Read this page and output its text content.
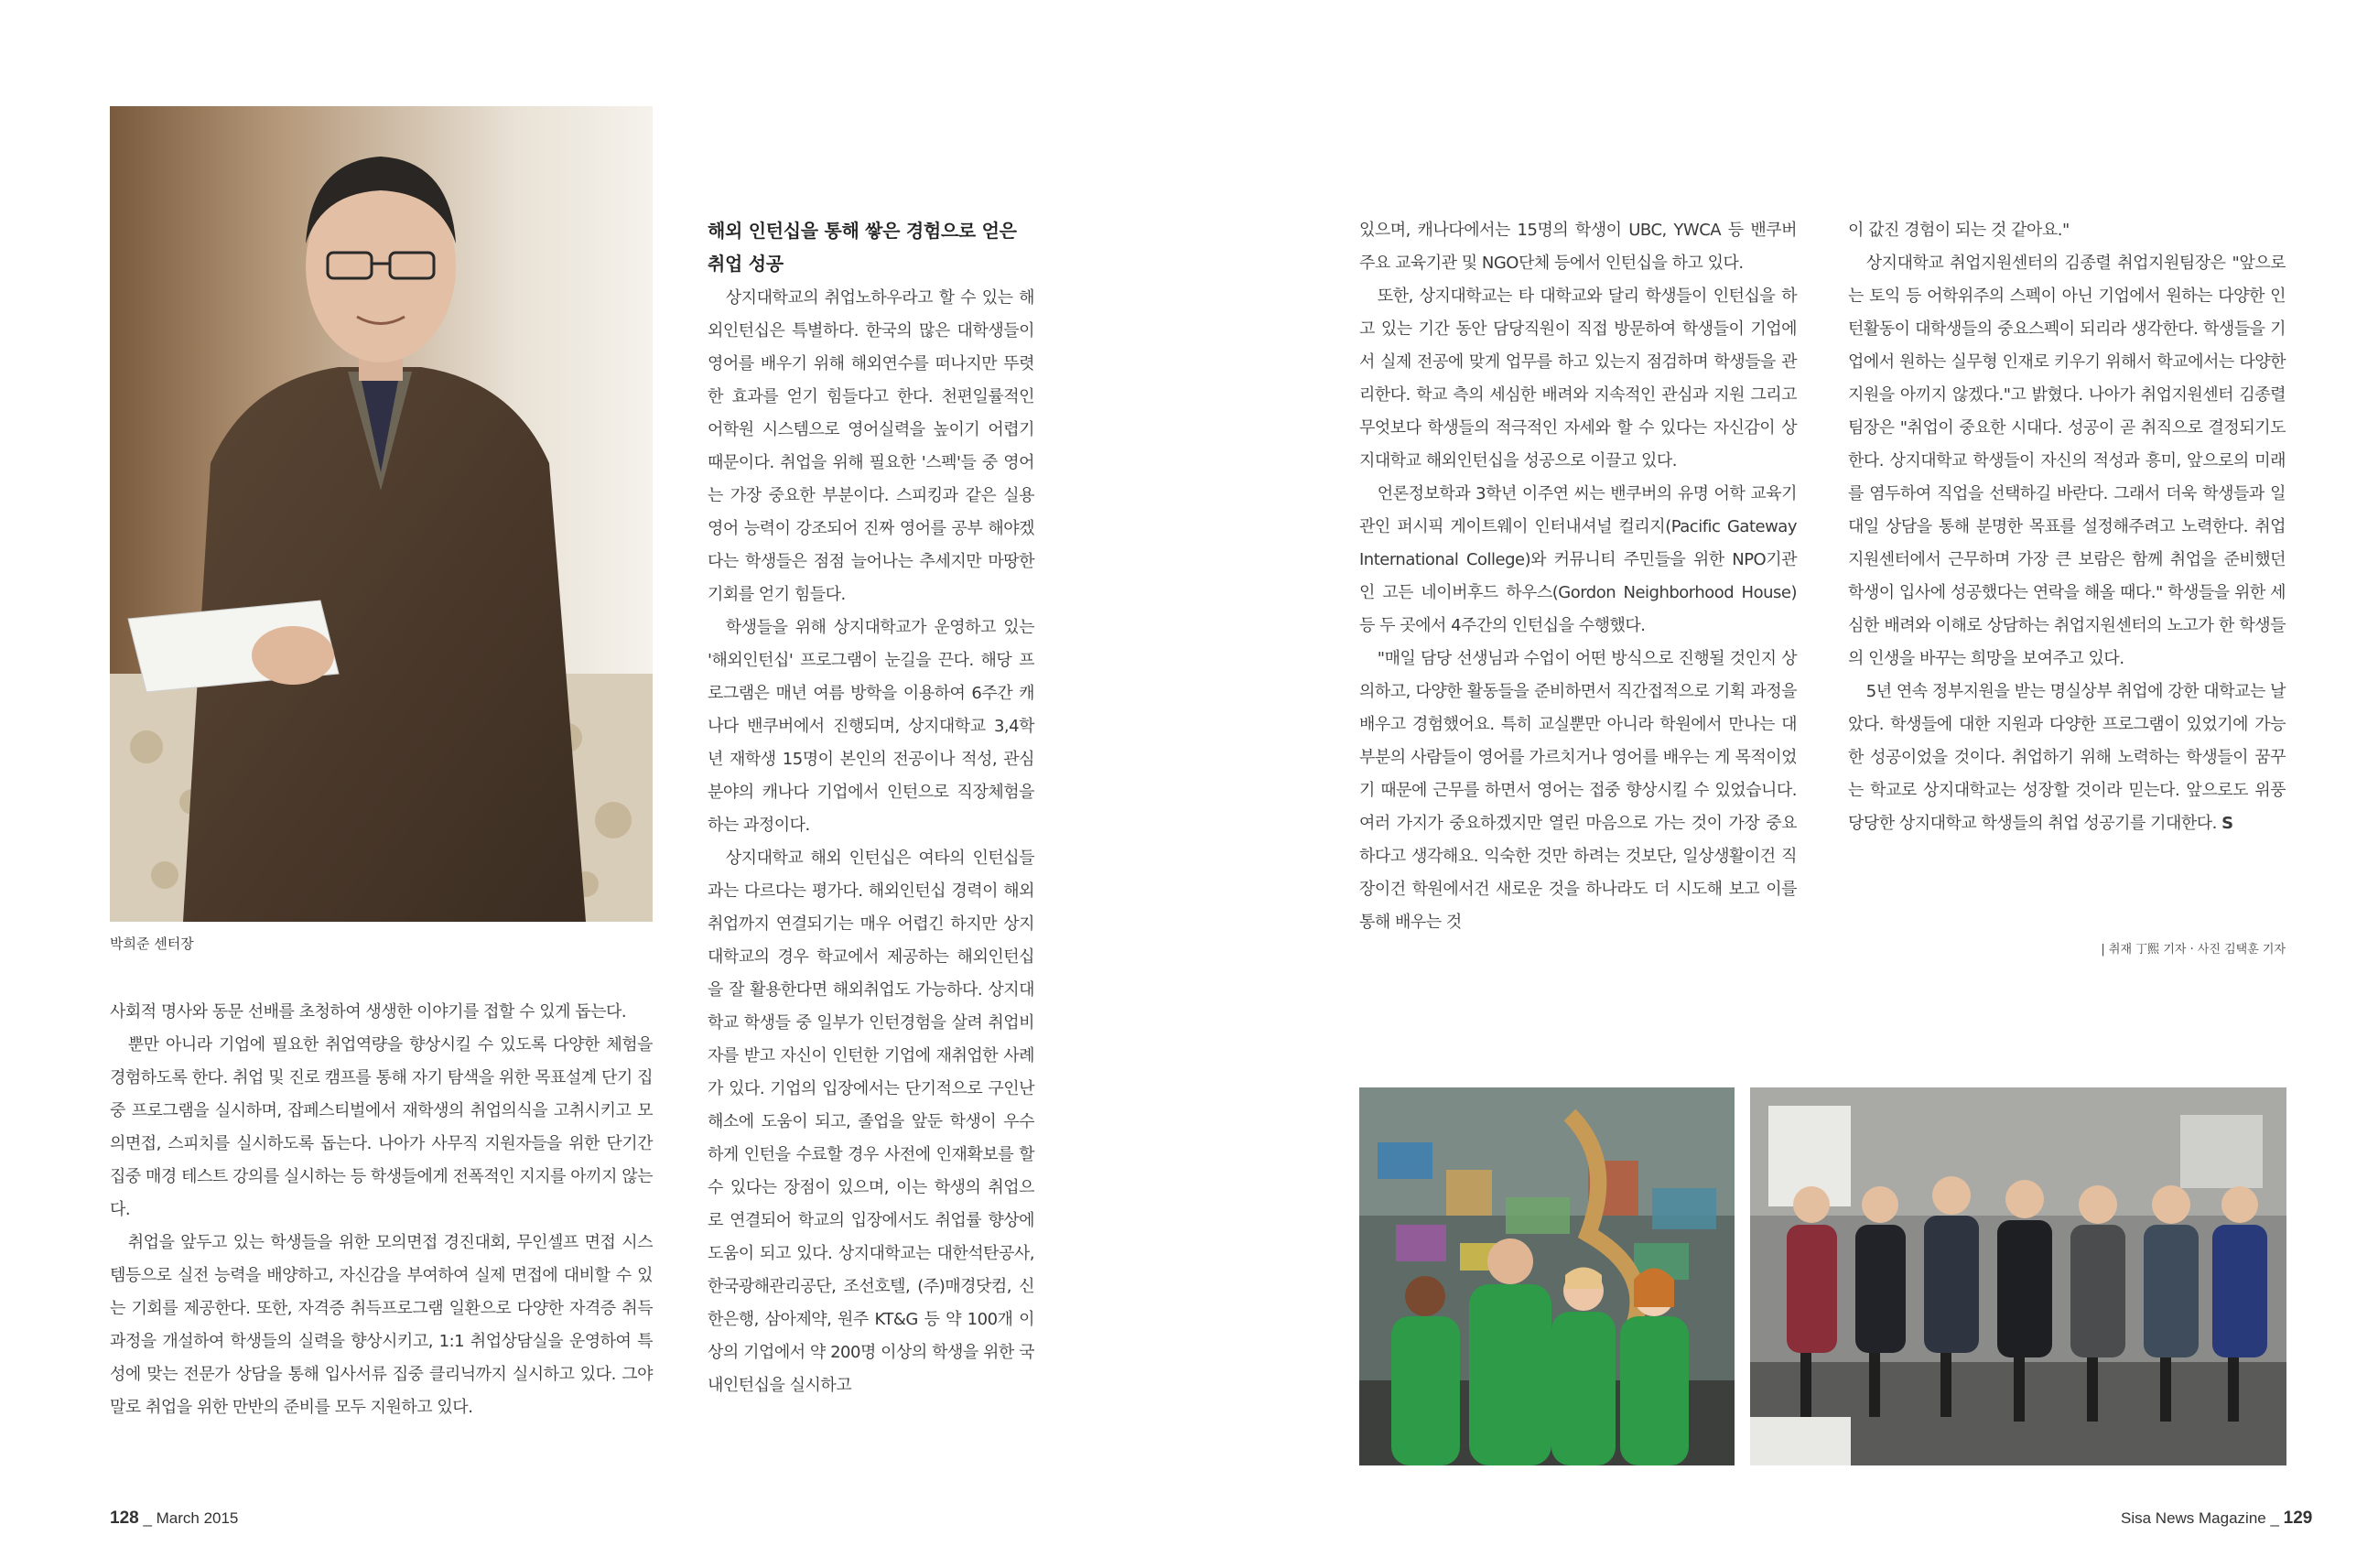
박희준 센터장

사회적 명사와 동문 선배를 초청하여 생생한 이야기를 접할 수 있게 돕는다.

뿐만 아니라 기업에 필요한 취업역량을 향상시킬 수 있도록 다양한 체험을 경험하도록 한다. 취업 및 진로 캠프를 통해 자기 탐색을 위한 목표설계 단기 집중 프로그램을 실시하며, 잡페스티벌에서 재학생의 취업의식을 고취시키고 모의면접, 스피치를 실시하도록 돕는다. 나아가 사무직 지원자들을 위한 단기간 집중 매경 테스트 강의를 실시하는 등 학생들에게 전폭적인 지지를 아끼지 않는다.

취업을 앞두고 있는 학생들을 위한 모의면접 경진대회, 무인셀프 면접 시스템등으로 실전 능력을 배양하고, 자신감을 부여하여 실제 면접에 대비할 수 있는 기회를 제공한다. 또한, 자격증 취득프로그램 일환으로 다양한 자격증 취득 과정을 개설하여 학생들의 실력을 향상시키고, 1:1 취업상담실을 운영하여 특성에 맞는 전문가 상담을 통해 입사서류 집중 클리닉까지 실시하고 있다. 그야말로 취업을 위한 만반의 준비를 모두 지원하고 있다.

해외 인턴십을 통해 쌓은 경험으로 얻은
취업 성공

상지대학교의 취업노하우라고 할 수 있는 해외인턴십은 특별하다. 한국의 많은 대학생들이 영어를 배우기 위해 해외연수를 떠나지만 뚜렷한 효과를 얻기 힘들다고 한다. 천편일률적인 어학원 시스템으로 영어실력을 높이기 어렵기 때문이다. 취업을 위해 필요한 '스펙'들 중 영어는 가장 중요한 부분이다. 스피킹과 같은 실용 영어 능력이 강조되어 진짜 영어를 공부 해야겠다는 학생들은 점점 늘어나는 추세지만 마땅한 기회를 얻기 힘들다.

학생들을 위해 상지대학교가 운영하고 있는 '해외인턴십' 프로그램이 눈길을 끈다. 해당 프로그램은 매년 여름 방학을 이용하여 6주간 캐나다 밴쿠버에서 진행되며, 상지대학교 3,4학년 재학생 15명이 본인의 전공이나 적성, 관심 분야의 캐나다 기업에서 인턴으로 직장체험을 하는 과정이다.

상지대학교 해외 인턴십은 여타의 인턴십들과는 다르다는 평가다. 해외인턴십 경력이 해외취업까지 연결되기는 매우 어렵긴 하지만 상지대학교의 경우 학교에서 제공하는 해외인턴십을 잘 활용한다면 해외취업도 가능하다. 상지대학교 학생들 중 일부가 인턴경험을 살려 취업비자를 받고 자신이 인턴한 기업에 재취업한 사례가 있다. 기업의 입장에서는 단기적으로 구인난 해소에 도움이 되고, 졸업을 앞둔 학생이 우수하게 인턴을 수료할 경우 사전에 인재확보를 할 수 있다는 장점이 있으며, 이는 학생의 취업으로 연결되어 학교의 입장에서도 취업률 향상에 도움이 되고 있다. 상지대학교는 대한석탄공사, 한국광해관리공단, 조선호텔, (주)매경닷컴, 신한은행, 삼아제약, 원주 KT&G 등 약 100개 이상의 기업에서 약 200명 이상의 학생을 위한 국내인턴십을 실시하고

128 _ March 2015

있으며, 캐나다에서는 15명의 학생이 UBC, YWCA 등 밴쿠버 주요 교육기관 및 NGO단체 등에서 인턴십을 하고 있다.

또한, 상지대학교는 타 대학교와 달리 학생들이 인턴십을 하고 있는 기간 동안 담당직원이 직접 방문하여 학생들이 기업에서 실제 전공에 맞게 업무를 하고 있는지 점검하며 학생들을 관리한다. 학교 측의 세심한 배려와 지속적인 관심과 지원 그리고 무엇보다 학생들의 적극적인 자세와 할 수 있다는 자신감이 상지대학교 해외인턴십을 성공으로 이끌고 있다.

언론정보학과 3학년 이주연 씨는 밴쿠버의 유명 어학 교육기관인 퍼시픽 게이트웨이 인터내셔널 컬리지(Pacific Gateway International College)와 커뮤니티 주민들을 위한 NPO기관인 고든 네이버후드 하우스(Gordon Neighborhood House) 등 두 곳에서 4주간의 인턴십을 수행했다.

"매일 담당 선생님과 수업이 어떤 방식으로 진행될 것인지 상의하고, 다양한 활동들을 준비하면서 직간접적으로 기획 과정을 배우고 경험했어요. 특히 교실뿐만 아니라 학원에서 만나는 대부분의 사람들이 영어를 가르치거나 영어를 배우는 게 목적이었기 때문에 근무를 하면서 영어는 접중 향상시킬 수 있었습니다. 여러 가지가 중요하겠지만 열린 마음으로 가는 것이 가장 중요하다고 생각해요. 익숙한 것만 하려는 것보단, 일상생활이건 직장이건 학원에서건 새로운 것을 하나라도 더 시도해 보고 이를 통해 배우는 것

이 값진 경험이 되는 것 같아요."

상지대학교 취업지원센터의 김종렬 취업지원팀장은 "앞으로는 토익 등 어학위주의 스펙이 아닌 기업에서 원하는 다양한 인턴활동이 대학생들의 중요스펙이 되리라 생각한다. 학생들을 기업에서 원하는 실무형 인재로 키우기 위해서 학교에서는 다양한 지원을 아끼지 않겠다."고 밝혔다. 나아가 취업지원센터 김종렬 팀장은 "취업이 중요한 시대다. 성공이 곧 취직으로 결정되기도 한다. 상지대학교 학생들이 자신의 적성과 흥미, 앞으로의 미래를 염두하여 직업을 선택하길 바란다. 그래서 더욱 학생들과 일대일 상담을 통해 분명한 목표를 설정해주려고 노력한다. 취업지원센터에서 근무하며 가장 큰 보람은 함께 취업을 준비했던 학생이 입사에 성공했다는 연락을 해올 때다." 학생들을 위한 세심한 배려와 이해로 상담하는 취업지원센터의 노고가 한 학생들의 인생을 바꾸는 희망을 보여주고 있다.

5년 연속 정부지원을 받는 명실상부 취업에 강한 대학교는 날았다. 학생들에 대한 지원과 다양한 프로그램이 있었기에 가능한 성공이었을 것이다. 취업하기 위해 노력하는 학생들이 꿈꾸는 학교로 상지대학교는 성장할 것이라 믿는다. 앞으로도 위풍당당한 상지대학교 학생들의 취업 성공기를 기대한다. S

| 취재 丁熙 기자 · 사진 김택훈 기자
Sisa News Magazine _ 129
